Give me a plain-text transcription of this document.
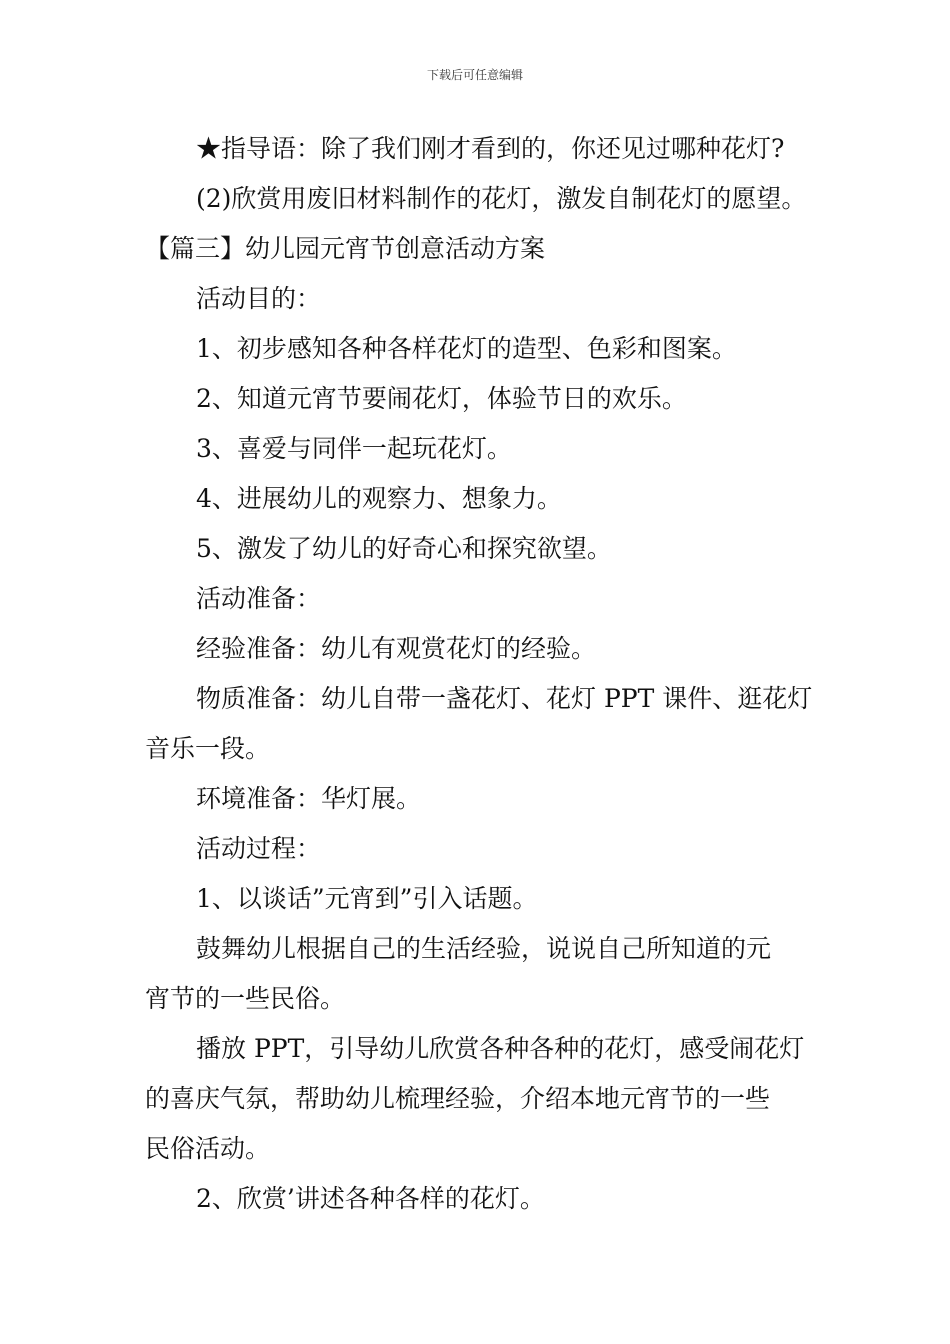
下载后可任意编辑
★指导语：除了我们刚才看到的，你还见过哪种花灯?
(2)欣赏用废旧材料制作的花灯，激发自制花灯的愿望。
【篇三】幼儿园元宵节创意活动方案
活动目的：
1、初步感知各种各样花灯的造型、色彩和图案。
2、知道元宵节要闹花灯，体验节日的欢乐。
3、喜爱与同伴一起玩花灯。
4、进展幼儿的观察力、想象力。
5、激发了幼儿的好奇心和探究欲望。
活动准备：
经验准备：幼儿有观赏花灯的经验。
物质准备：幼儿自带一盏花灯、花灯 PPT 课件、逛花灯
音乐一段。
环境准备：华灯展。
活动过程：
1、以谈话”元宵到”引入话题。
鼓舞幼儿根据自己的生活经验，说说自己所知道的元
宵节的一些民俗。
播放 PPT，引导幼儿欣赏各种各种的花灯，感受闹花灯
的喜庆气氛，帮助幼儿梳理经验，介绍本地元宵节的一些
民俗活动。
2、欣赏’讲述各种各样的花灯。
